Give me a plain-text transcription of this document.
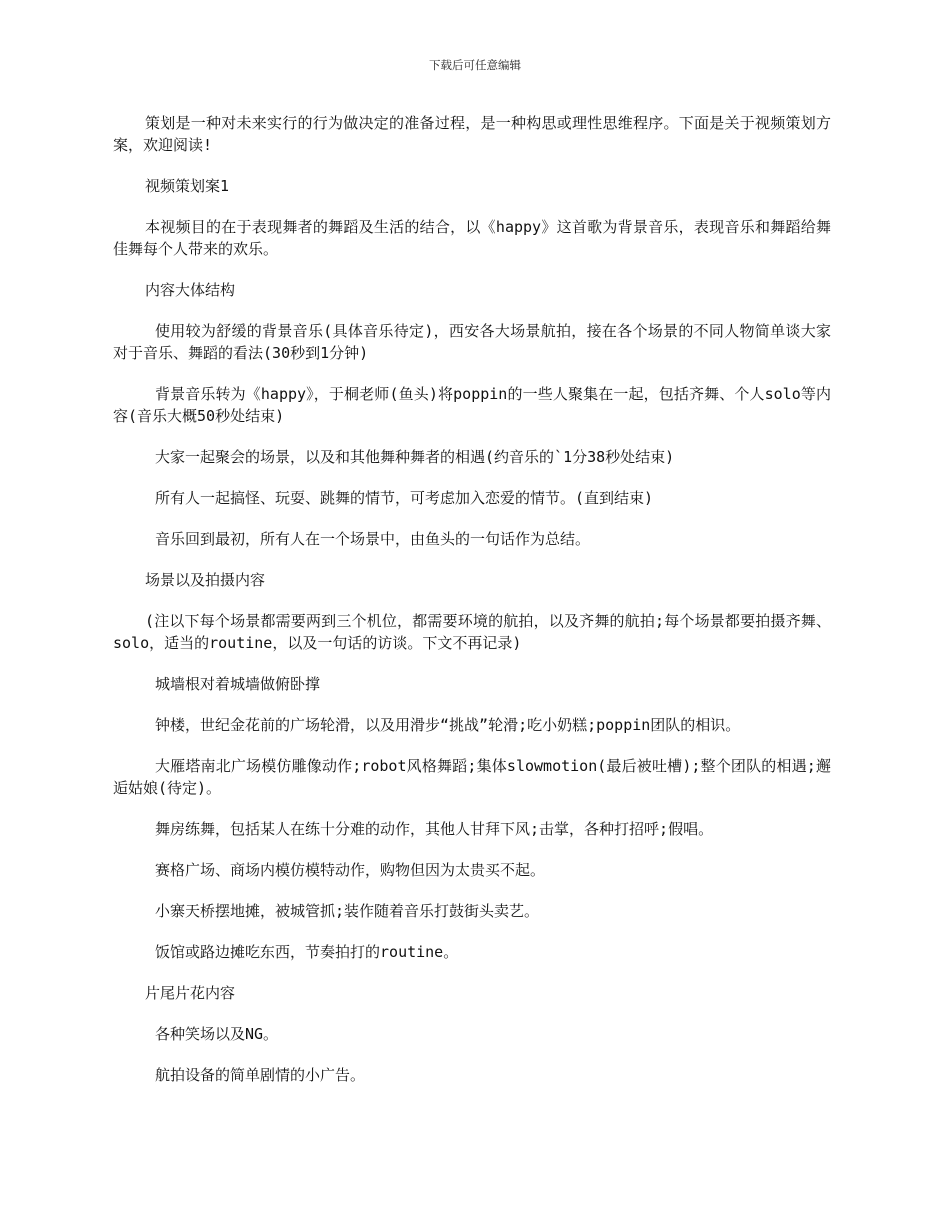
下载后可任意编辑

策划是一种对未来实行的行为做决定的准备过程，是一种构思或理性思维程序。下面是关于视频策划方案，欢迎阅读!

视频策划案1

本视频目的在于表现舞者的舞蹈及生活的结合，以《happy》这首歌为背景音乐，表现音乐和舞蹈给舞佳舞每个人带来的欢乐。

内容大体结构

使用较为舒缓的背景音乐(具体音乐待定)，西安各大场景航拍，接在各个场景的不同人物简单谈大家对于音乐、舞蹈的看法(30秒到1分钟)

背景音乐转为《happy》，于桐老师(鱼头)将poppin的一些人聚集在一起，包括齐舞、个人solo等内容(音乐大概50秒处结束)

大家一起聚会的场景，以及和其他舞种舞者的相遇(约音乐的`1分38秒处结束)

所有人一起搞怪、玩耍、跳舞的情节，可考虑加入恋爱的情节。(直到结束)

音乐回到最初，所有人在一个场景中，由鱼头的一句话作为总结。

场景以及拍摄内容

(注以下每个场景都需要两到三个机位，都需要环境的航拍，以及齐舞的航拍;每个场景都要拍摄齐舞、solo，适当的routine，以及一句话的访谈。下文不再记录)

城墙根对着城墙做俯卧撑

钟楼，世纪金花前的广场轮滑，以及用滑步“挑战”轮滑;吃小奶糕;poppin团队的相识。

大雁塔南北广场模仿雕像动作;robot风格舞蹈;集体slowmotion(最后被吐槽);整个团队的相遇;邂逅姑娘(待定)。

舞房练舞，包括某人在练十分难的动作，其他人甘拜下风;击掌，各种打招呼;假唱。

赛格广场、商场内模仿模特动作，购物但因为太贵买不起。

小寨天桥摆地摊，被城管抓;装作随着音乐打鼓街头卖艺。

饭馆或路边摊吃东西，节奏拍打的routine。

片尾片花内容

各种笑场以及NG。

航拍设备的简单剧情的小广告。
